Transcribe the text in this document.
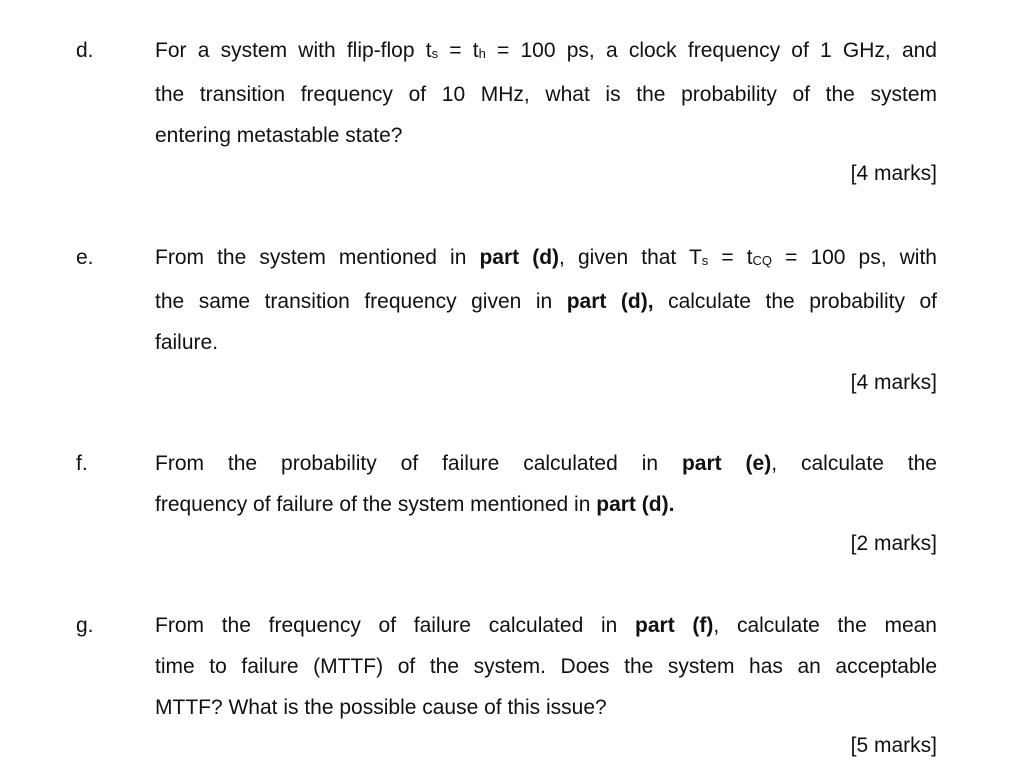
d.	For a system with flip-flop $t_s = t_h = 100$ ps, a clock frequency of 1 GHz, and
the transition frequency of 10 MHz, what is the probability of the system
entering metastable state?
[4 marks]
e.	From the system mentioned in part (d), given that $T_s = t_{CQ} = 100$ ps, with
the same transition frequency given in part (d), calculate the probability of
failure.
[4 marks]
f.	From the probability of failure calculated in part (e), calculate the
frequency of failure of the system mentioned in part (d).
[2 marks]
g.	From the frequency of failure calculated in part (f), calculate the mean
time to failure (MTTF) of the system. Does the system has an acceptable
MTTF? What is the possible cause of this issue?
[5 marks]
